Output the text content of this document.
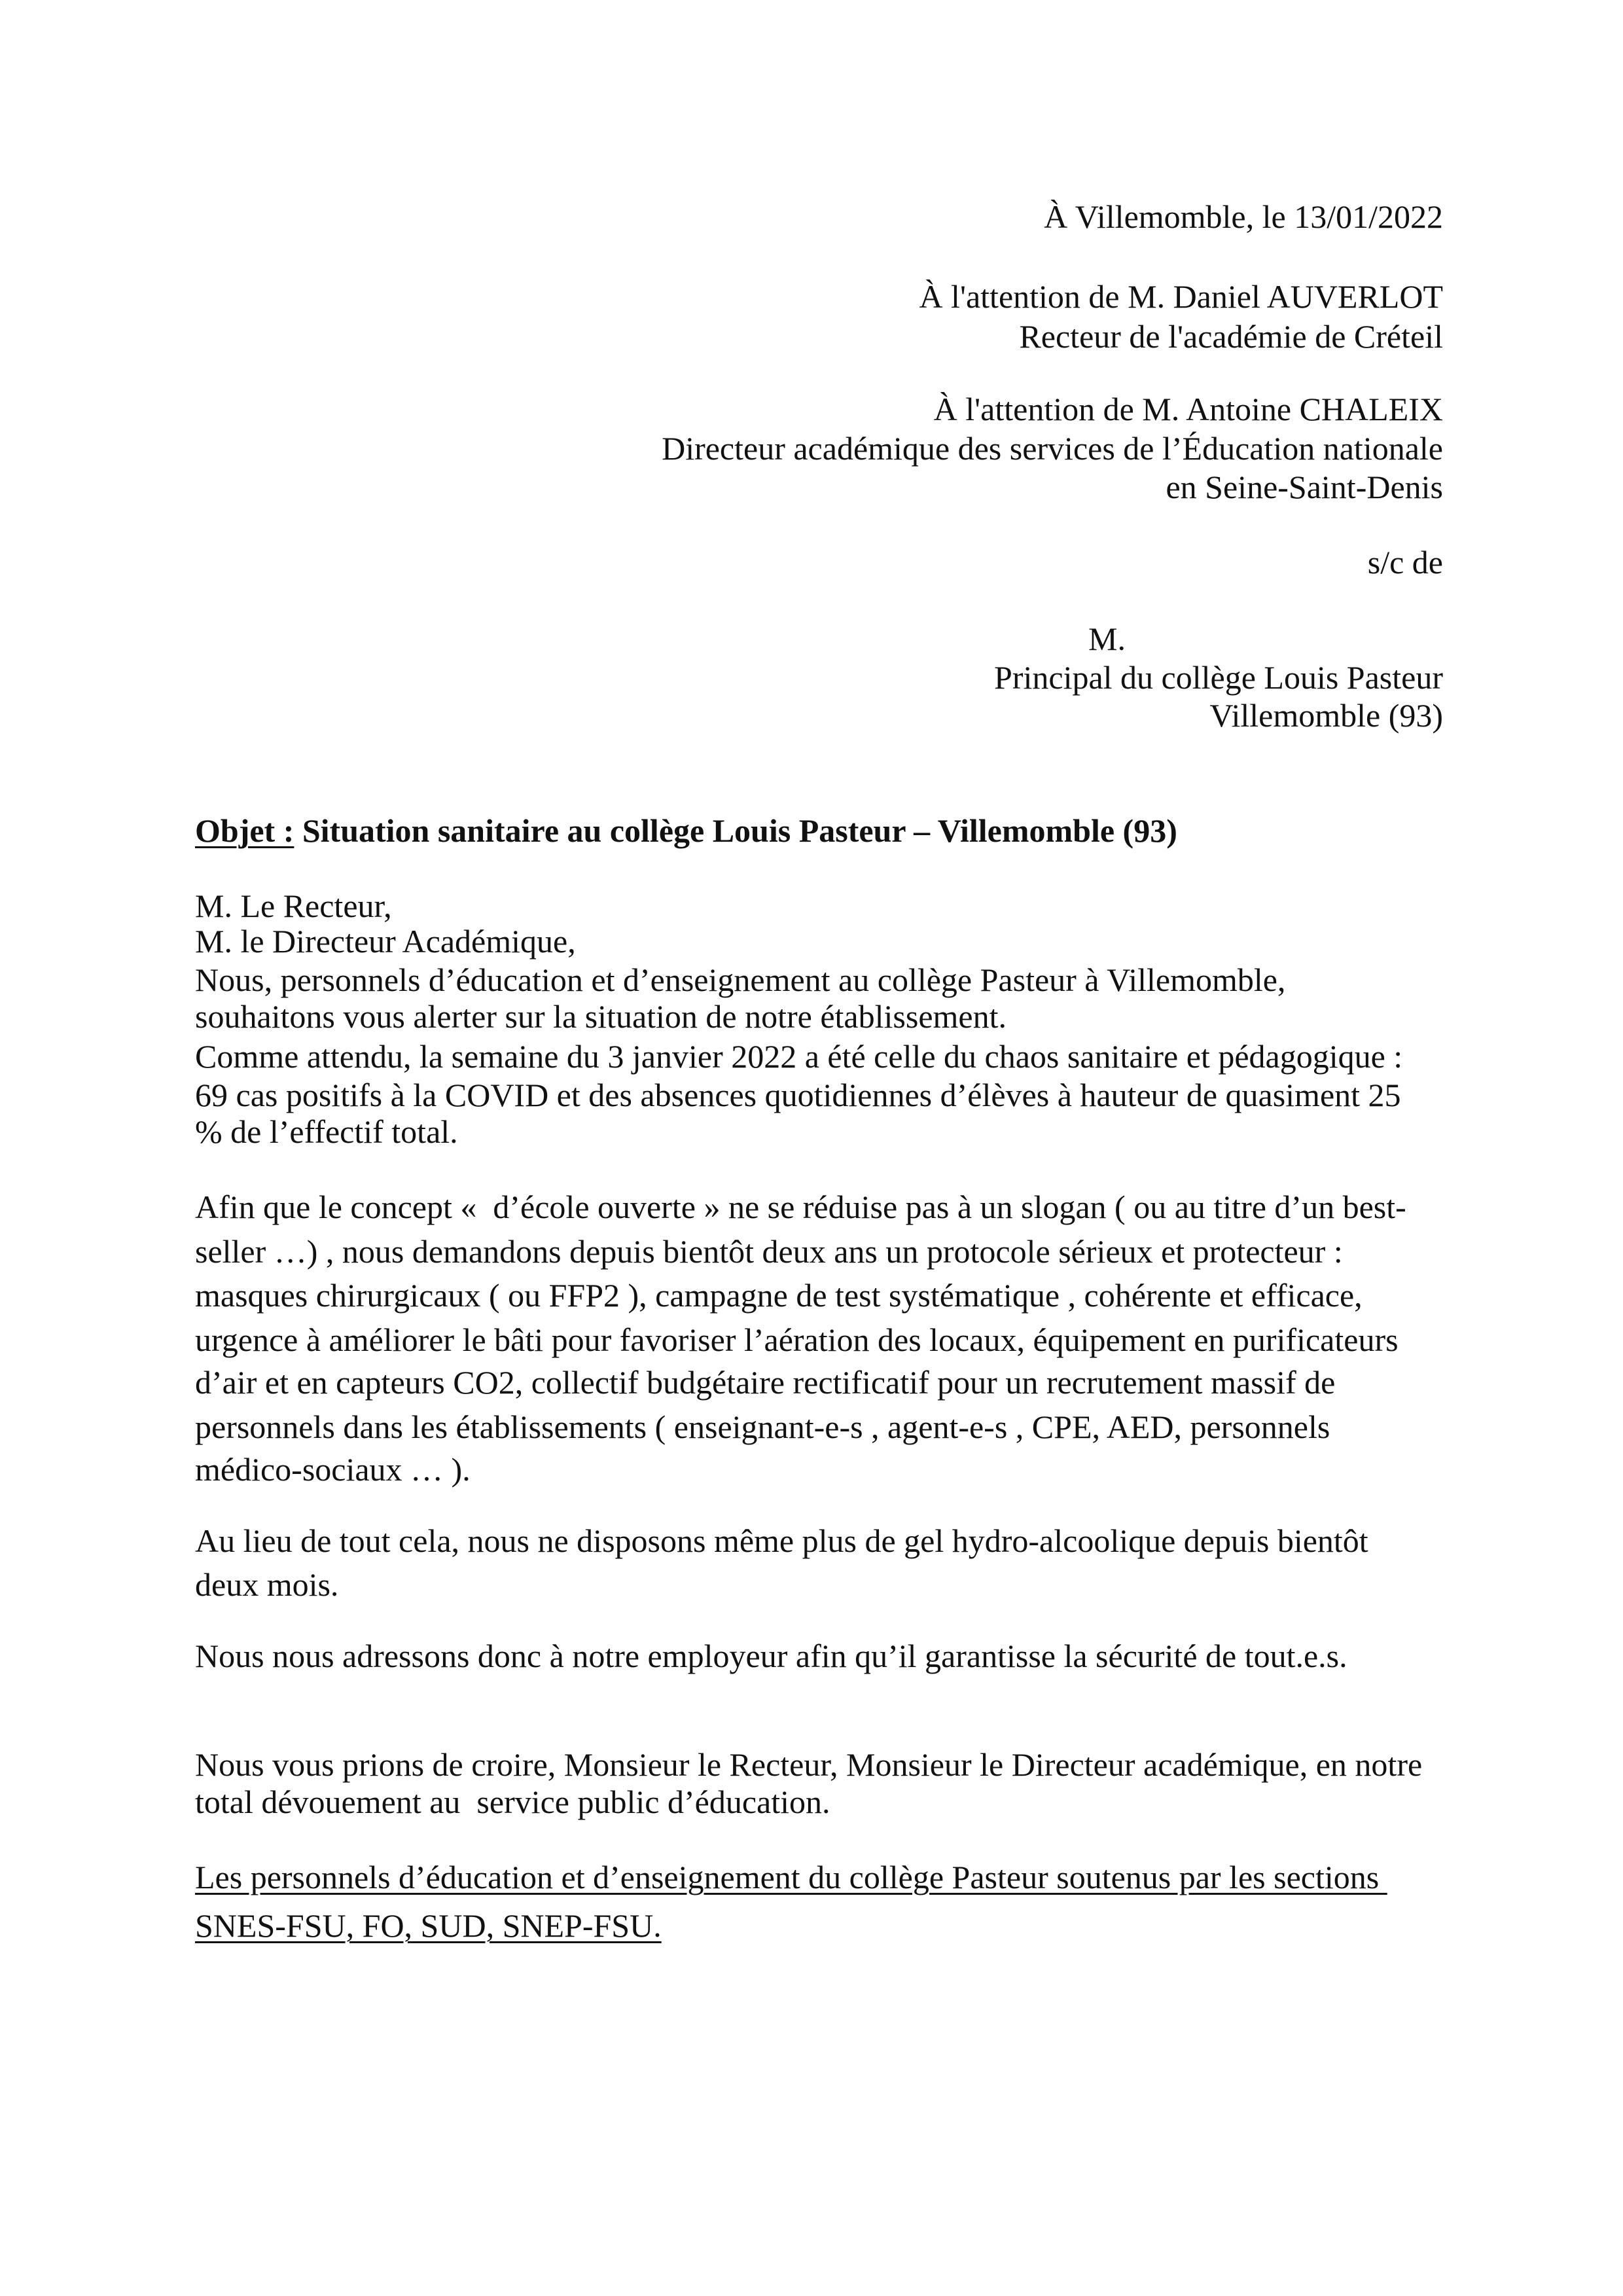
À Villemomble, le 13/01/2022
À l'attention de M. Daniel AUVERLOT
Recteur de l'académie de Créteil
À l'attention de M. Antoine CHALEIX
Directeur académique des services de l’Éducation nationale
en Seine-Saint-Denis
s/c de
M.
Principal du collège Louis Pasteur
Villemomble (93)
Objet : Situation sanitaire au collège Louis Pasteur – Villemomble (93)
M. Le Recteur,
M. le Directeur Académique,
Nous, personnels d’éducation et d’enseignement au collège Pasteur à Villemomble,
souhaitons vous alerter sur la situation de notre établissement.
Comme attendu, la semaine du 3 janvier 2022 a été celle du chaos sanitaire et pédagogique :
69 cas positifs à la COVID et des absences quotidiennes d’élèves à hauteur de quasiment 25
% de l’effectif total.
Afin que le concept «  d’école ouverte » ne se réduise pas à un slogan ( ou au titre d’un best-
seller …) , nous demandons depuis bientôt deux ans un protocole sérieux et protecteur :
masques chirurgicaux ( ou FFP2 ), campagne de test systématique , cohérente et efficace,
urgence à améliorer le bâti pour favoriser l’aération des locaux, équipement en purificateurs
d’air et en capteurs CO2, collectif budgétaire rectificatif pour un recrutement massif de
personnels dans les établissements ( enseignant-e-s , agent-e-s , CPE, AED, personnels
médico-sociaux … ).
Au lieu de tout cela, nous ne disposons même plus de gel hydro-alcoolique depuis bientôt
deux mois.
Nous nous adressons donc à notre employeur afin qu’il garantisse la sécurité de tout.e.s.
Nous vous prions de croire, Monsieur le Recteur, Monsieur le Directeur académique, en notre
total dévouement au  service public d’éducation.
Les personnels d’éducation et d’enseignement du collège Pasteur soutenus par les sections
SNES-FSU, FO, SUD, SNEP-FSU.
